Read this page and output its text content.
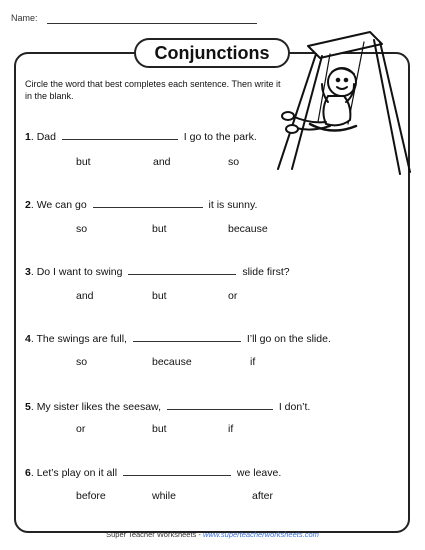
Name:
Conjunctions
Circle the word that best completes each sentence. Then write it in the blank.
1. Dad	I go to the park.
but	and	so
2. We can go	it is sunny.
so	but	because
3. Do I want to swing	slide first?
and	but	or
4. The swings are full,	I’ll go on the slide.
so	because	if
5. My sister likes the seesaw,	I don’t.
or	but	if
6. Let’s play on it all	we leave.
before	while	after
Super Teacher Worksheets - www.superteacherworksheets.com
